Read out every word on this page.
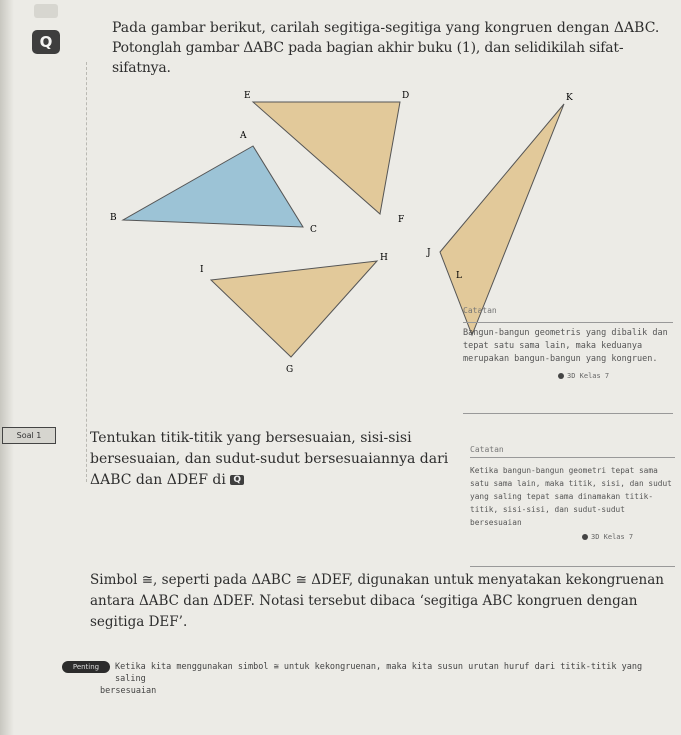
Q
Pada gambar berikut, carilah segitiga-segitiga yang kongruen dengan ΔABC.
Potonglah gambar ΔABC pada bagian akhir buku (1), dan selidikilah sifat-sifatnya.
A
B
C
E	D
F
K
J
L
I
H
G
Catatan
Bangun-bangun geometris yang dibalik dan tepat satu sama lain, maka keduanya merupakan bangun-bangun yang kongruen.
3D Kelas 7
Soal 1	Tentukan titik-titik yang bersesuaian, sisi-sisi
bersesuaian, dan sudut-sudut bersesuaiannya dari
ΔABC dan ΔDEF di Q
Catatan
Ketika bangun-bangun geometri tepat sama satu sama lain, maka titik, sisi, dan sudut yang saling tepat sama dinamakan titik-titik, sisi-sisi, dan sudut-sudut bersesuaian
3D Kelas 7
Simbol ≅, seperti pada ΔABC ≅ ΔDEF, digunakan untuk menyatakan kekongruenan
antara ΔABC dan ΔDEF. Notasi tersebut dibaca ‘segitiga ABC kongruen dengan
segitiga DEF’.
Penting	Ketika kita menggunakan simbol ≅ untuk kekongruenan, maka kita susun urutan huruf dari titik-titik yang saling
bersesuaian
